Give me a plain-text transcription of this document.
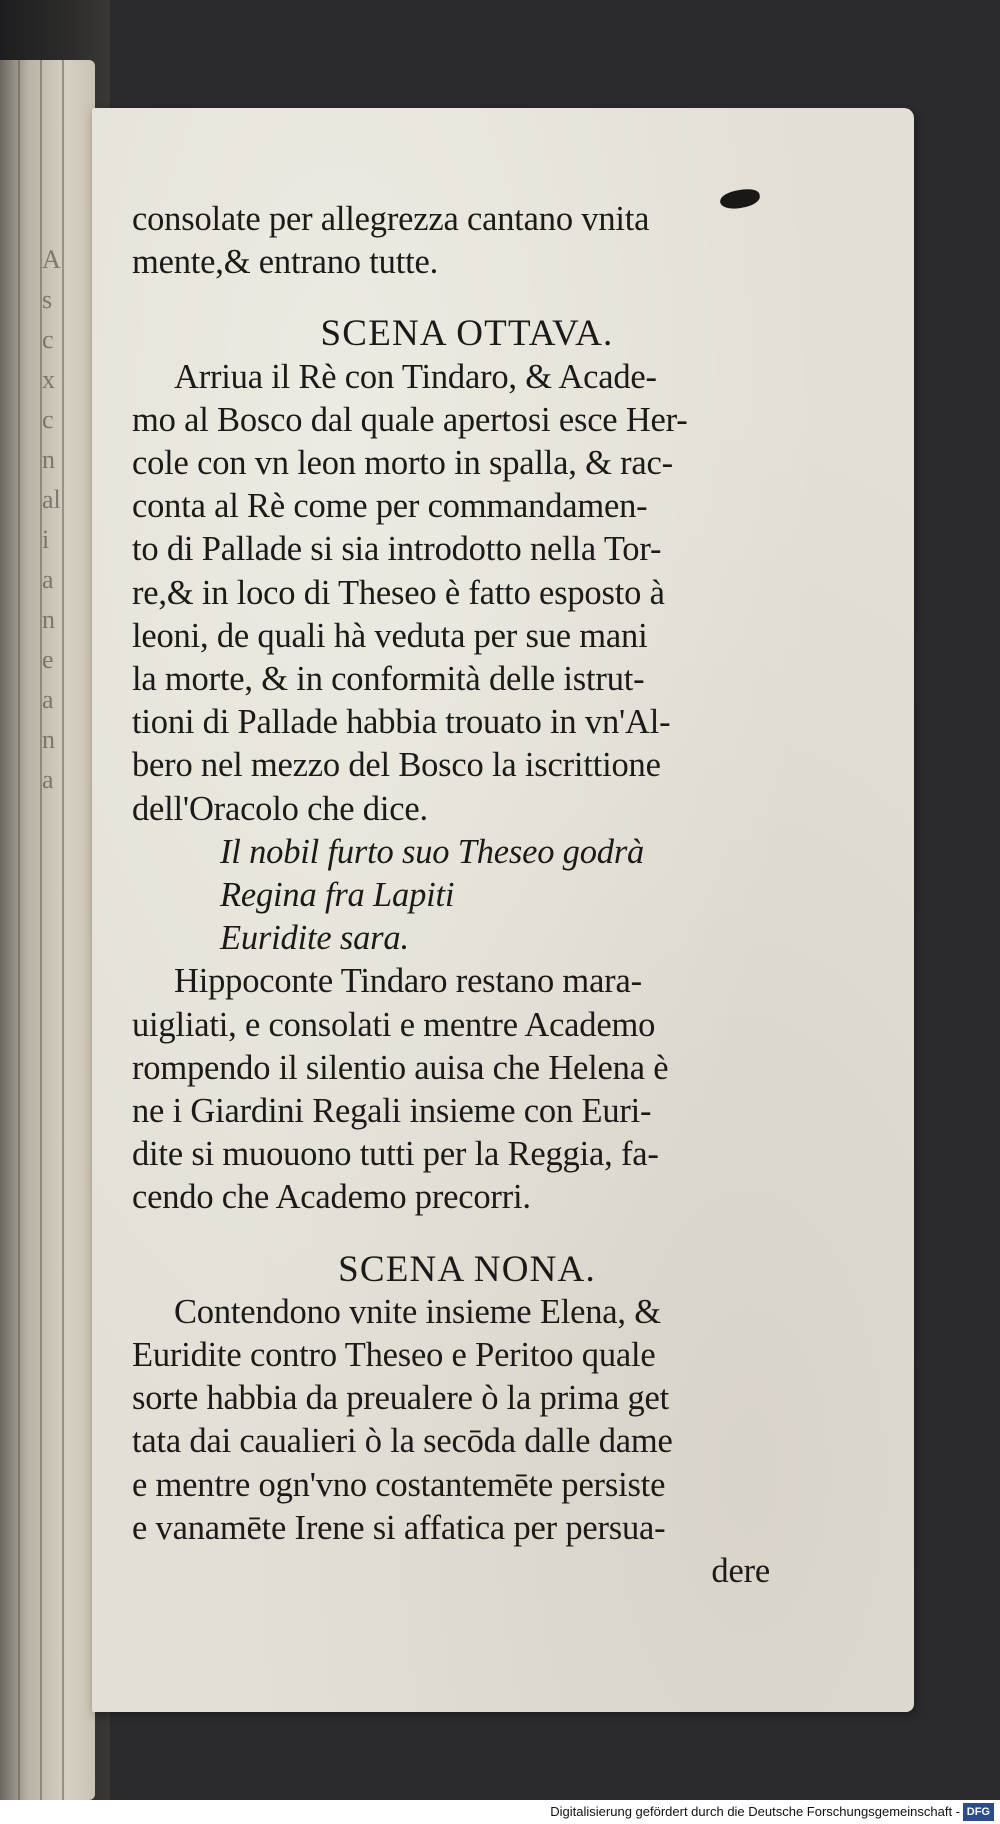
A
s
c
x
c
n
al
i
a
n
e
a
n
a
consolate per allegrezza cantano vnita
mente,& entrano tutte.
SCENA OTTAVA.
Arriua il Rè con Tindaro, & Acade-
mo al Bosco dal quale apertosi esce Her-
cole con vn leon morto in spalla, & rac-
conta al Rè come per commandamen-
to di Pallade si sia introdotto nella Tor-
re,& in loco di Theseo è fatto esposto à
leoni, de quali hà veduta per sue mani
la morte, & in conformità delle istrut-
tioni di Pallade habbia trouato in vn'Al-
bero nel mezzo del Bosco la iscrittione
dell'Oracolo che dice.
Il nobil furto suo Theseo godrà
Regina fra Lapiti
Euridite sara.
Hippoconte Tindaro restano mara-
uigliati, e consolati e mentre Academo
rompendo il silentio auisa che Helena è
ne i Giardini Regali insieme con Euri-
dite si muouono tutti per la Reggia, fa-
cendo che Academo precorri.
SCENA NONA.
Contendono vnite insieme Elena, &
Euridite contro Theseo e Peritoo quale
sorte habbia da preualere ò la prima get
tata dai caualieri ò la secōda dalle dame
e mentre ogn'vno costantemēte persiste
e vanamēte Irene si affatica per persua-
dere
Digitalisierung gefördert durch die Deutsche Forschungsgemeinschaft - DFG
